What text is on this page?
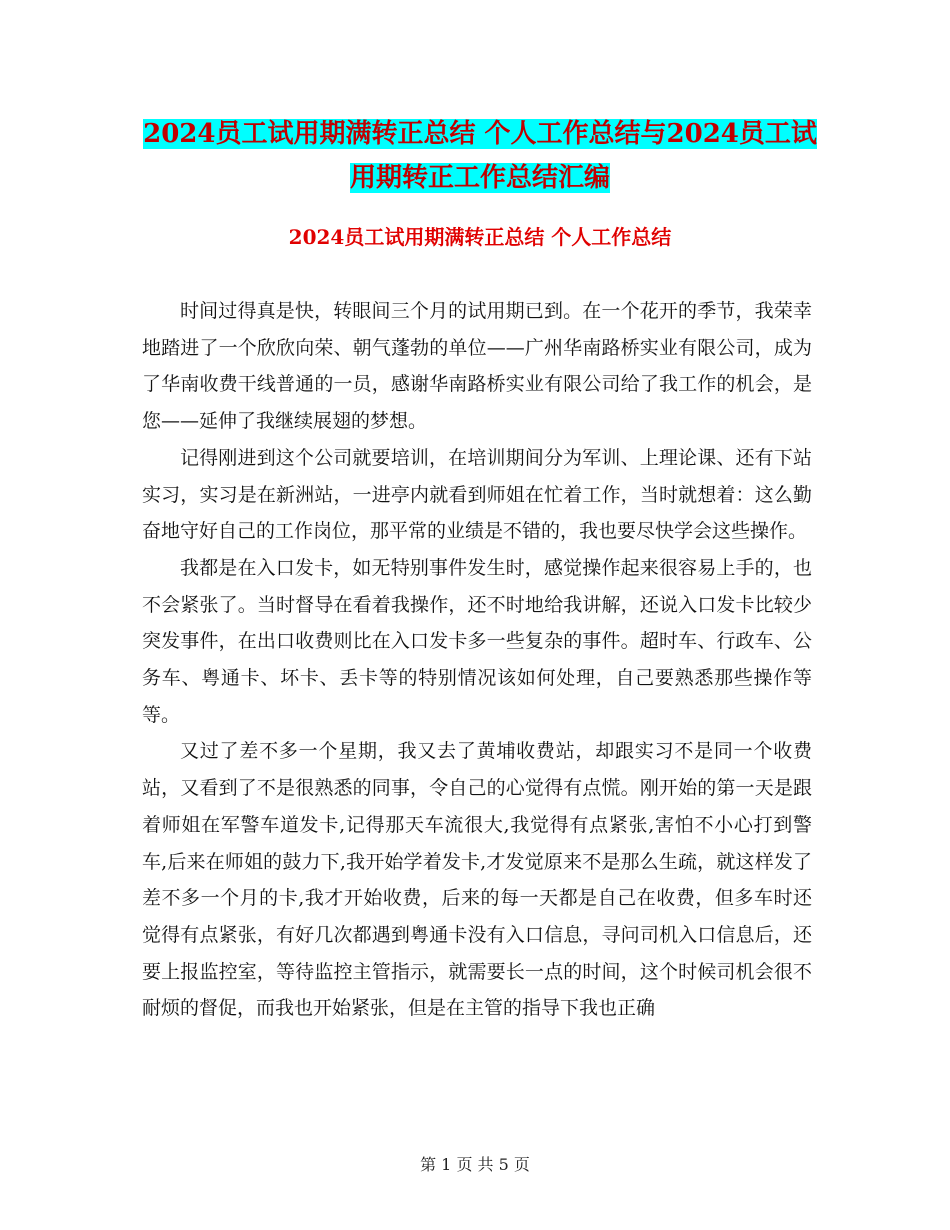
2024员工试用期满转正总结 个人工作总结与2024员工试用期转正工作总结汇编
2024员工试用期满转正总结 个人工作总结

时间过得真是快，转眼间三个月的试用期已到。在一个花开的季节，我荣幸地踏进了一个欣欣向荣、朝气蓬勃的单位——广州华南路桥实业有限公司，成为了华南收费干线普通的一员，感谢华南路桥实业有限公司给了我工作的机会，是您——延伸了我继续展翅的梦想。

记得刚进到这个公司就要培训，在培训期间分为军训、上理论课、还有下站实习，实习是在新洲站，一进亭内就看到师姐在忙着工作，当时就想着：这么勤奋地守好自己的工作岗位，那平常的业绩是不错的，我也要尽快学会这些操作。

我都是在入口发卡，如无特别事件发生时，感觉操作起来很容易上手的，也不会紧张了。当时督导在看着我操作，还不时地给我讲解，还说入口发卡比较少突发事件，在出口收费则比在入口发卡多一些复杂的事件。超时车、行政车、公务车、粤通卡、坏卡、丢卡等的特别情况该如何处理，自己要熟悉那些操作等等。

又过了差不多一个星期，我又去了黄埔收费站，却跟实习不是同一个收费站，又看到了不是很熟悉的同事，令自己的心觉得有点慌。刚开始的第一天是跟着师姐在军警车道发卡,记得那天车流很大,我觉得有点紧张,害怕不小心打到警车,后来在师姐的鼓力下,我开始学着发卡,才发觉原来不是那么生疏，就这样发了差不多一个月的卡,我才开始收费，后来的每一天都是自己在收费，但多车时还觉得有点紧张，有好几次都遇到粤通卡没有入口信息，寻问司机入口信息后，还要上报监控室，等待监控主管指示，就需要长一点的时间，这个时候司机会很不耐烦的督促，而我也开始紧张，但是在主管的指导下我也正确

第 1 页 共 5 页
